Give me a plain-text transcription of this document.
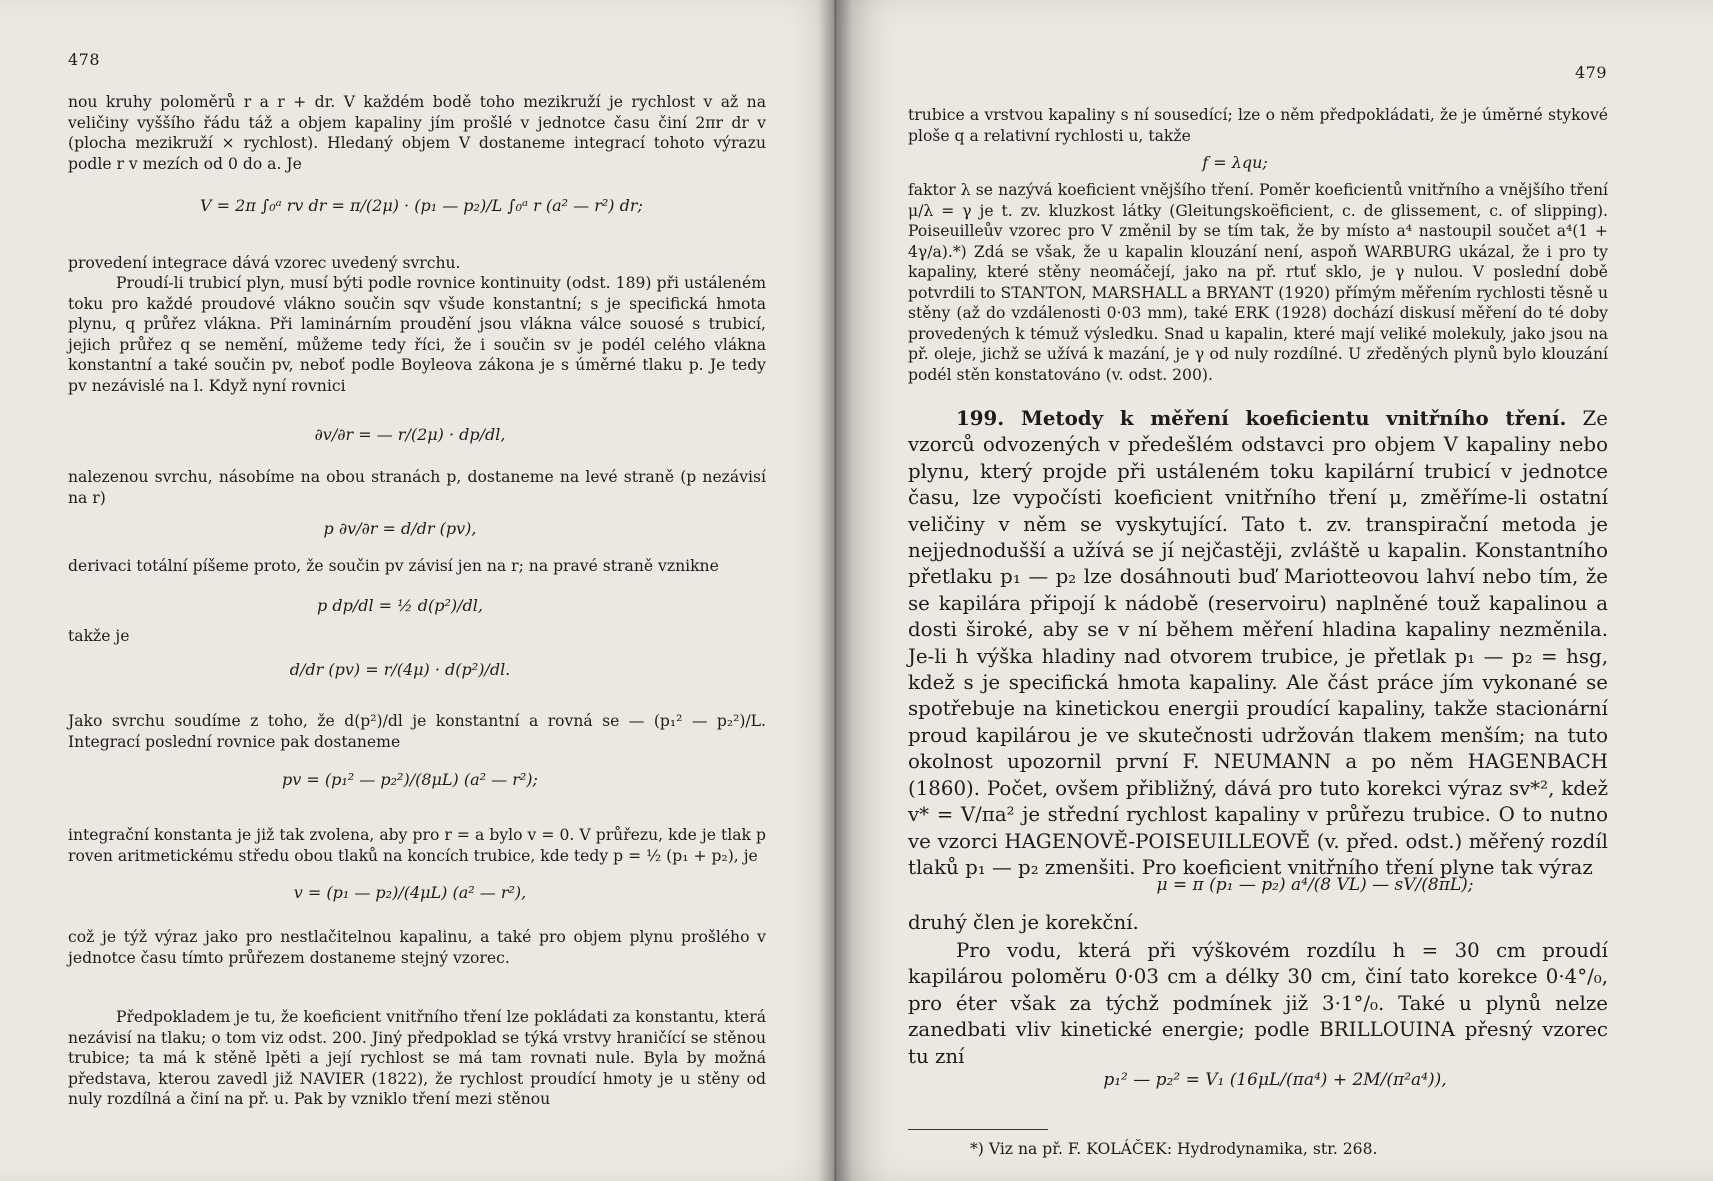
478

nou kruhy poloměrů r a r + dr. V každém bodě toho mezikruží je rychlost v až na veličiny vyššího řádu táž a objem kapaliny jím prošlé v jednotce času činí 2πr dr v (plocha mezikruží × rychlost). Hledaný objem V dostaneme integrací tohoto výrazu podle r v mezích od 0 do a. Je

V = 2π ∫₀ᵃ rv dr = π/(2μ) · (p₁ — p₂)/L ∫₀ᵃ r (a² — r²) dr;

provedení integrace dává vzorec uvedený svrchu.

Proudí-li trubicí plyn, musí býti podle rovnice kontinuity (odst. 189) při ustáleném toku pro každé proudové vlákno součin sqv všude konstantní; s je specifická hmota plynu, q průřez vlákna. Při laminárním proudění jsou vlákna válce souosé s trubicí, jejich průřez q se nemění, můžeme tedy říci, že i součin sv je podél celého vlákna konstantní a také součin pv, neboť podle Boyleova zákona je s úměrné tlaku p. Je tedy pv nezávislé na l. Když nyní rovnici

∂v/∂r = — r/(2μ) · dp/dl,

nalezenou svrchu, násobíme na obou stranách p, dostaneme na levé straně (p nezávisí na r)

p ∂v/∂r = d/dr (pv),

derivaci totální píšeme proto, že součin pv závisí jen na r; na pravé straně vznikne

p dp/dl = ½ d(p²)/dl,

takže je

d/dr (pv) = r/(4μ) · d(p²)/dl.

Jako svrchu soudíme z toho, že d(p²)/dl je konstantní a rovná se — (p₁² — p₂²)/L. Integrací poslední rovnice pak dostaneme

pv = (p₁² — p₂²)/(8μL) (a² — r²);

integrační konstanta je již tak zvolena, aby pro r = a bylo v = 0. V průřezu, kde je tlak p roven aritmetickému středu obou tlaků na koncích trubice, kde tedy p = ½ (p₁ + p₂), je

v = (p₁ — p₂)/(4μL) (a² — r²),

což je týž výraz jako pro nestlačitelnou kapalinu, a také pro objem plynu prošlého v jednotce času tímto průřezem dostaneme stejný vzorec.

Předpokladem je tu, že koeficient vnitřního tření lze pokládati za konstantu, která nezávisí na tlaku; o tom viz odst. 200. Jiný předpoklad se týká vrstvy hraničící se stěnou trubice; ta má k stěně lpěti a její rychlost se má tam rovnati nule. Byla by možná představa, kterou zavedl již NAVIER (1822), že rychlost proudící hmoty je u stěny od nuly rozdílná a činí na př. u. Pak by vzniklo tření mezi stěnou

479

trubice a vrstvou kapaliny s ní sousedící; lze o něm předpokládati, že je úměrné stykové ploše q a relativní rychlosti u, takže

f = λqu;

faktor λ se nazývá koeficient vnějšího tření. Poměr koeficientů vnitřního a vnějšího tření μ/λ = γ je t. zv. kluzkost látky (Gleitungskoëficient, c. de glissement, c. of slipping). Poiseuilleův vzorec pro V změnil by se tím tak, že by místo a⁴ nastoupil součet a⁴(1 + 4γ/a).*) Zdá se však, že u kapalin klouzání není, aspoň WARBURG ukázal, že i pro ty kapaliny, které stěny neomáčejí, jako na př. rtuť sklo, je γ nulou. V poslední době potvrdili to STANTON, MARSHALL a BRYANT (1920) přímým měřením rychlosti těsně u stěny (až do vzdálenosti 0·03 mm), také ERK (1928) dochází diskusí měření do té doby provedených k témuž výsledku. Snad u kapalin, které mají veliké molekuly, jako jsou na př. oleje, jichž se užívá k mazání, je γ od nuly rozdílné. U zředěných plynů bylo klouzání podél stěn konstatováno (v. odst. 200).

199. Metody k měření koeficientu vnitřního tření. Ze vzorců odvozených v předešlém odstavci pro objem V kapaliny nebo plynu, který projde při ustáleném toku kapilární trubicí v jednotce času, lze vypočísti koeficient vnitřního tření μ, změříme-li ostatní veličiny v něm se vyskytující. Tato t. zv. transpirační metoda je nejjednodušší a užívá se jí nejčastěji, zvláště u kapalin. Konstantního přetlaku p₁ — p₂ lze dosáhnouti buď Mariotteovou lahví nebo tím, že se kapilára připojí k nádobě (reservoiru) naplněné touž kapalinou a dosti široké, aby se v ní během měření hladina kapaliny nezměnila. Je-li h výška hladiny nad otvorem trubice, je přetlak p₁ — p₂ = hsg, kdež s je specifická hmota kapaliny. Ale část práce jím vykonané se spotřebuje na kinetickou energii proudící kapaliny, takže stacionární proud kapilárou je ve skutečnosti udržován tlakem menším; na tuto okolnost upozornil první F. NEUMANN a po něm HAGENBACH (1860). Počet, ovšem přibližný, dává pro tuto korekci výraz sv*², kdež v* = V/πa² je střední rychlost kapaliny v průřezu trubice. O to nutno ve vzorci HAGENOVĚ-POISEUILLEOVĚ (v. před. odst.) měřený rozdíl tlaků p₁ — p₂ zmenšiti. Pro koeficient vnitřního tření plyne tak výraz

μ = π (p₁ — p₂) a⁴/(8 VL) — sV/(8πL);

druhý člen je korekční.

Pro vodu, která při výškovém rozdílu h = 30 cm proudí kapilárou poloměru 0·03 cm a délky 30 cm, činí tato korekce 0·4°/₀, pro éter však za týchž podmínek již 3·1°/₀. Také u plynů nelze zanedbati vliv kinetické energie; podle BRILLOUINA přesný vzorec tu zní

p₁² — p₂² = V₁ (16μL/(πa⁴) + 2M/(π²a⁴)),
*) Viz na př. F. KOLÁČEK: Hydrodynamika, str. 268.
